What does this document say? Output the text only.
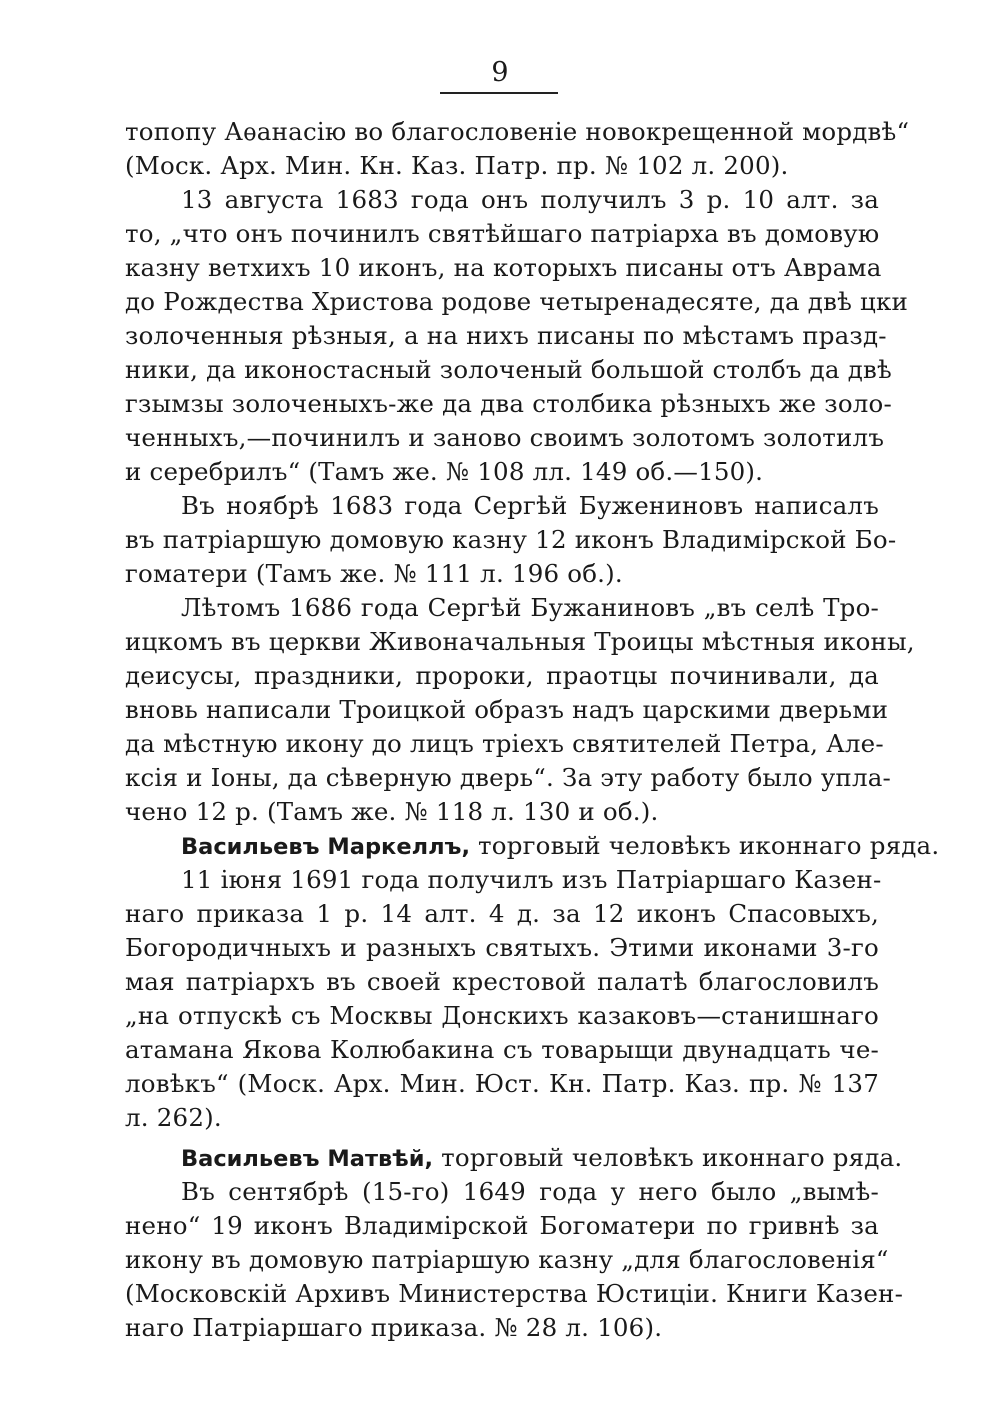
9
топопу Аѳанасію во благословеніе новокрещенной мордвѣ“
(Моск. Арх. Мин. Кн. Каз. Патр. пр. № 102 л. 200).
13 августа 1683 года онъ получилъ 3 р. 10 алт. за
то, „что онъ починилъ святѣйшаго патріарха въ домовую
казну ветхихъ 10 иконъ, на которыхъ писаны отъ Аврама
до Рождества Христова родове четыренадесяте, да двѣ цки
золоченныя рѣзныя, а на нихъ писаны по мѣстамъ празд-
ники, да иконостасный золоченый большой столбъ да двѣ
гзымзы золоченыхъ-же да два столбика рѣзныхъ же золо-
ченныхъ,—починилъ и заново своимъ золотомъ золотилъ
и серебрилъ“ (Тамъ же. № 108 лл. 149 об.—150).
Въ ноябрѣ 1683 года Сергѣй Бужениновъ написалъ
въ патріаршую домовую казну 12 иконъ Владимірской Бо-
гоматери (Тамъ же. № 111 л. 196 об.).
Лѣтомъ 1686 года Сергѣй Бужаниновъ „въ селѣ Тро-
ицкомъ въ церкви Живоначальныя Троицы мѣстныя иконы,
деисусы, праздники, пророки, праотцы починивали, да
вновь написали Троицкой образъ надъ царскими дверьми
да мѣстную икону до лицъ тріехъ святителей Петра, Але-
ксія и Іоны, да сѣверную дверь“. За эту работу было упла-
чено 12 р. (Тамъ же. № 118 л. 130 и об.).
Васильевъ Маркеллъ, торговый человѣкъ иконнаго ряда.
11 іюня 1691 года получилъ изъ Патріаршаго Казен-
наго приказа 1 р. 14 алт. 4 д. за 12 иконъ Спасовыхъ,
Богородичныхъ и разныхъ святыхъ. Этими иконами 3-го
мая патріархъ въ своей крестовой палатѣ благословилъ
„на отпускѣ съ Москвы Донскихъ казаковъ—станишнаго
атамана Якова Колюбакина съ товарыщи двунадцать че-
ловѣкъ“ (Моск. Арх. Мин. Юст. Кн. Патр. Каз. пр. № 137
л. 262).
Васильевъ Матвѣй, торговый человѣкъ иконнаго ряда.
Въ сентябрѣ (15-го) 1649 года у него было „вымѣ-
нено“ 19 иконъ Владимірской Богоматери по гривнѣ за
икону въ домовую патріаршую казну „для благословенія“
(Московскій Архивъ Министерства Юстиціи. Книги Казен-
наго Патріаршаго приказа. № 28 л. 106).
